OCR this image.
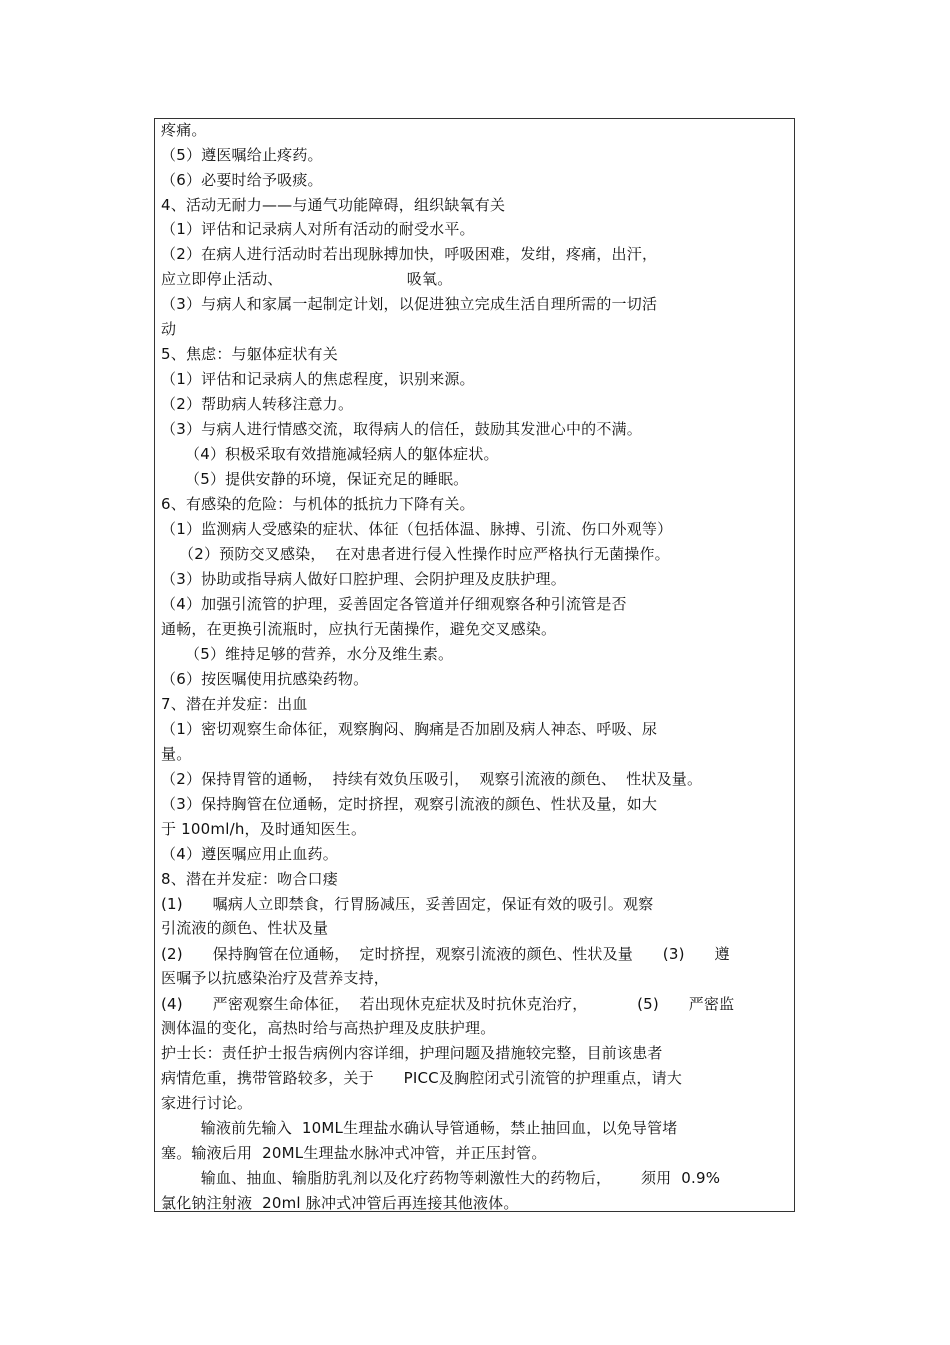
疼痛。
（5）遵医嘱给止疼药。
（6）必要时给予吸痰。
4、活动无耐力——与通气功能障碍，组织缺氧有关
（1）评估和记录病人对所有活动的耐受水平。
（2）在病人进行活动时若出现脉搏加快，呼吸困难，发绀，疼痛，出汗，
应立即停止活动、                         吸氧。
（3）与病人和家属一起制定计划，以促进独立完成生活自理所需的一切活
动
5、焦虑：与躯体症状有关
（1）评估和记录病人的焦虑程度，识别来源。
（2）帮助病人转移注意力。
（3）与病人进行情感交流，取得病人的信任，鼓励其发泄心中的不满。
（4）积极采取有效措施减轻病人的躯体症状。
（5）提供安静的环境，保证充足的睡眠。
6、有感染的危险：与机体的抵抗力下降有关。
（1）监测病人受感染的症状、体征（包括体温、脉搏、引流、伤口外观等）
（2）预防交叉感染，  在对患者进行侵入性操作时应严格执行无菌操作。
（3）协助或指导病人做好口腔护理、会阴护理及皮肤护理。
（4）加强引流管的护理，妥善固定各管道并仔细观察各种引流管是否
通畅，在更换引流瓶时，应执行无菌操作，避免交叉感染。
（5）维持足够的营养，水分及维生素。
（6）按医嘱使用抗感染药物。
7、潜在并发症：出血
（1）密切观察生命体征，观察胸闷、胸痛是否加剧及病人神态、呼吸、尿
量。
（2）保持胃管的通畅，  持续有效负压吸引，  观察引流液的颜色、  性状及量。
（3）保持胸管在位通畅，定时挤捏，观察引流液的颜色、性状及量，如大
于 100ml/h，及时通知医生。
（4）遵医嘱应用止血药。
8、潜在并发症：吻合口瘘
(1)      嘱病人立即禁食，行胃肠减压，妥善固定，保证有效的吸引。观察
引流液的颜色、性状及量
(2)      保持胸管在位通畅，  定时挤捏，观察引流液的颜色、性状及量      (3)      遵
医嘱予以抗感染治疗及营养支持，
(4)      严密观察生命体征，  若出现休克症状及时抗休克治疗，          (5)      严密监
测体温的变化，高热时给与高热护理及皮肤护理。
护士长：责任护士报告病例内容详细，护理问题及措施较完整，目前该患者
病情危重，携带管路较多，关于      PICC及胸腔闭式引流管的护理重点，请大
家进行讨论。
输液前先输入  10ML生理盐水确认导管通畅，禁止抽回血，以免导管堵
塞。输液后用  20ML生理盐水脉冲式冲管，并正压封管。
输血、抽血、输脂肪乳剂以及化疗药物等刺激性大的药物后，      须用  0.9%
氯化钠注射液  20ml 脉冲式冲管后再连接其他液体。
